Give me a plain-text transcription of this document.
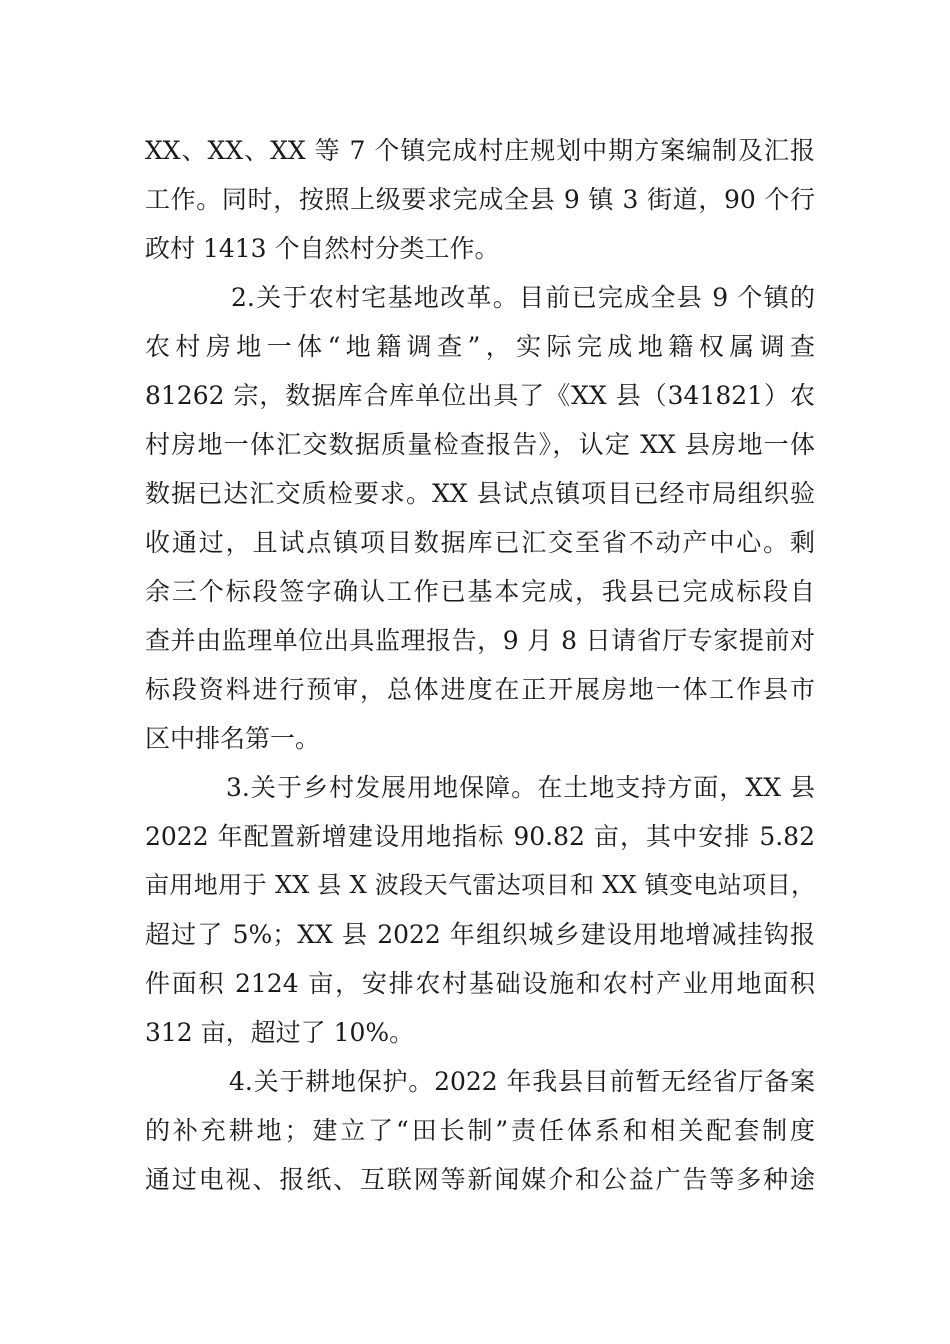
XX、XX、XX 等 7 个镇完成村庄规划中期方案编制及汇报
工作。同时，按照上级要求完成全县 9 镇 3 街道，90 个行
政村 1413 个自然村分类工作。
2.关于农村宅基地改革。目前已完成全县 9 个镇的
农村房地一体“地籍调查”，实际完成地籍权属调查
81262 宗，数据库合库单位出具了《XX 县（341821）农
村房地一体汇交数据质量检查报告》，认定 XX 县房地一体
数据已达汇交质检要求。XX 县试点镇项目已经市局组织验
收通过，且试点镇项目数据库已汇交至省不动产中心。剩
余三个标段签字确认工作已基本完成，我县已完成标段自
查并由监理单位出具监理报告，9 月 8 日请省厅专家提前对
标段资料进行预审，总体进度在正开展房地一体工作县市
区中排名第一。
3.关于乡村发展用地保障。在土地支持方面，XX 县
2022 年配置新增建设用地指标 90.82 亩，其中安排 5.82
亩用地用于 XX 县 X 波段天气雷达项目和 XX 镇变电站项目，
超过了 5%；XX 县 2022 年组织城乡建设用地增减挂钩报
件面积 2124 亩，安排农村基础设施和农村产业用地面积
312 亩，超过了 10%。
4.关于耕地保护。2022 年我县目前暂无经省厅备案
的补充耕地；建立了“田长制”责任体系和相关配套制度
通过电视、报纸、互联网等新闻媒介和公益广告等多种途
